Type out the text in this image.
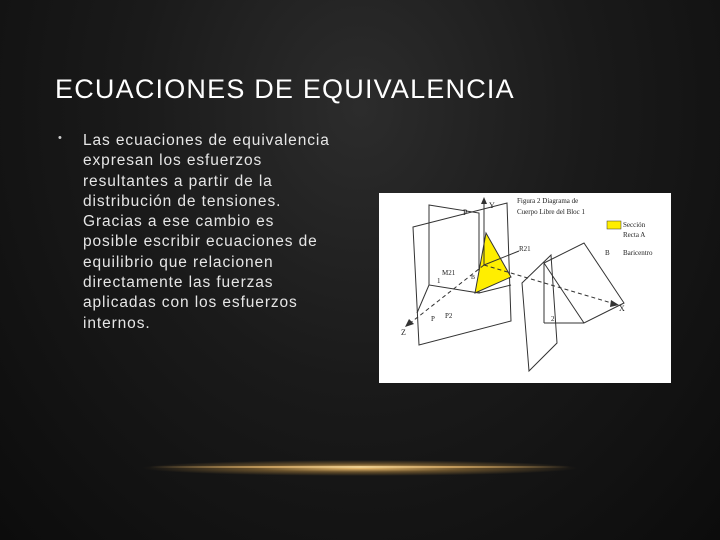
ECUACIONES DE EQUIVALENCIA
• Las ecuaciones de equivalencia
expresan los esfuerzos
resultantes a partir de la
distribución de tensiones.
Gracias a ese cambio es
posible escribir ecuaciones de
equilibrio que relacionen
directamente las fuerzas
aplicadas con los esfuerzos
internos.
Figura 2 Diagrama de
Cuerpo Libre del Bloc 1
Sección
Recta A
B Baricentro
Y
X
Z
P
R21
M21
1
2
B
P P2
